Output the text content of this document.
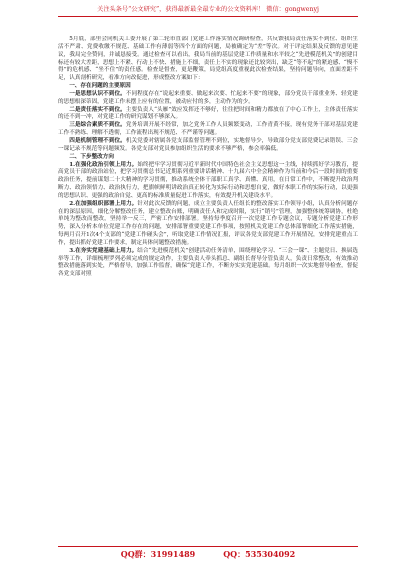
关注头条号“公文研究”，获得最新最全最专业的公文资料库！ 微信：gongwenyj

5月底，部里会同机关工委开展了第二轮市直部门党建工作落实情况调研检查，共反馈我局责任落实不到位、组织生活不严肃、党费收缴不规范、基础工作有薄弱等四个方面的问题，局被确定为“差”等次。对于评定结果及反馈的意见建议，我局完全赞同，并诚恳接受。通过检查可以看出，我局当前的基层党建工作质量和水平较之“先进模范机关”的创建目标还有较大差距，思想上不紧、行动上不快、措施上不细，责任上不实的现象还比较突出，缺乏“等不起”的紧迫感、“慢不得”的危机感、“坐不住”的责任感。检查是督查，更是鞭策，局党组高度重视此次检查结果，坚持问题导向，直面差距不足，认真剖析研究，看准方向改促进，形成整改方案如下：

一、存在问题的主要原因

一是思想认识不到位。不同程度存在“说起来重要、做起来次要、忙起来不要”的现象，部分党员干部重业务、轻党建的思想根深蒂固，党建工作未摆上应有的位置，被动应付的多，主动作为的少。

二是责任落实不到位。主要负责人“头雁”效应发挥还不够好，往往把时间和精力都放在了中心工作上，主体责任落实的还不到一冲，对党建工作的研究谋划不够深入。

三是综合素质不到位。党务培训开展不经常，加之党务工作人员频繁变动，工作青黄不接，现有党务干部对基层党建工作不熟练、理解不透彻，工作流程出现不规范、不严谨等问题。

四是机制管理不到位。机关党委对辖属各党支部监督管理不到位，实地督导少，导致部分党支部党费记录错误、三会一课记录不规范等问题频发。各党支部对党员参加组织生活的要求不够严格，参会率偏低。

二、下步整改方向

1.在强化政治引领上用力。始终把牢学习贯彻习近平新时代中国特色社会主义思想这一主线，持续抓好学习教育，提高党员干部的政治站位，把学习贯彻总书记近期系列重要讲话精神、十九届六中全会精神作为当前和今后一段时间的重要政治任务，提前谋划二十大精神的学习贯彻，推动系统全体干部职工真学、真懂、真用，在日常工作中，不断提升政治判断力、政治领悟力、政治执行力，把旗帜鲜明讲政治真正转化为实际行动和思想自觉，做好本职工作的实际行动，以更强的思想认识、更强的政治自觉、更高的标准质量促进工作落实，有效提升机关建设水平。

2.在加强组织部署上用力。针对此次反馈的问题，成立主要负责人任组长的整改落实工作领导小组，认真分析问题存在的深层原因，细化分解整改任务，建立整改台账，明确责任人和完成时限，实行“销号”管理，加强整体统筹调协，杜绝单纯为整改而整改，坚持举一反三，严密工作安排部署。坚持每季度召开一次党建工作专题会议，专题分析党建工作形势，深入分析本单位党建工作存在的问题，安排部署重要党建工作事项，按照机关党建工作总体部署细化工作落实措施，每两月召开1次4个支部的“党建工作碰头会”，听取党建工作情况汇报，评议各党支部党建工作开展情况，安排党建重点工作，提出抓好党建工作要求，制定具体问题整改措施。

3.在夯实党建基础上用力。结合“先进模范机关”创建活动任务清单，围绕理论学习、“三会一课”、主题党日、换届选举等工作，详细梳理罗列必须完成的规定动作，主要负责人牵头抓总、副组长督导分管负责人，负责日常整改，有效推动整改措施落到实处，严格督导，加强工作监督，确保“党建工作，不断夯实实党建基础。每月组织一次实地督导检查，督促各党支部对照

QQ群：31991489	QQ：535304092
